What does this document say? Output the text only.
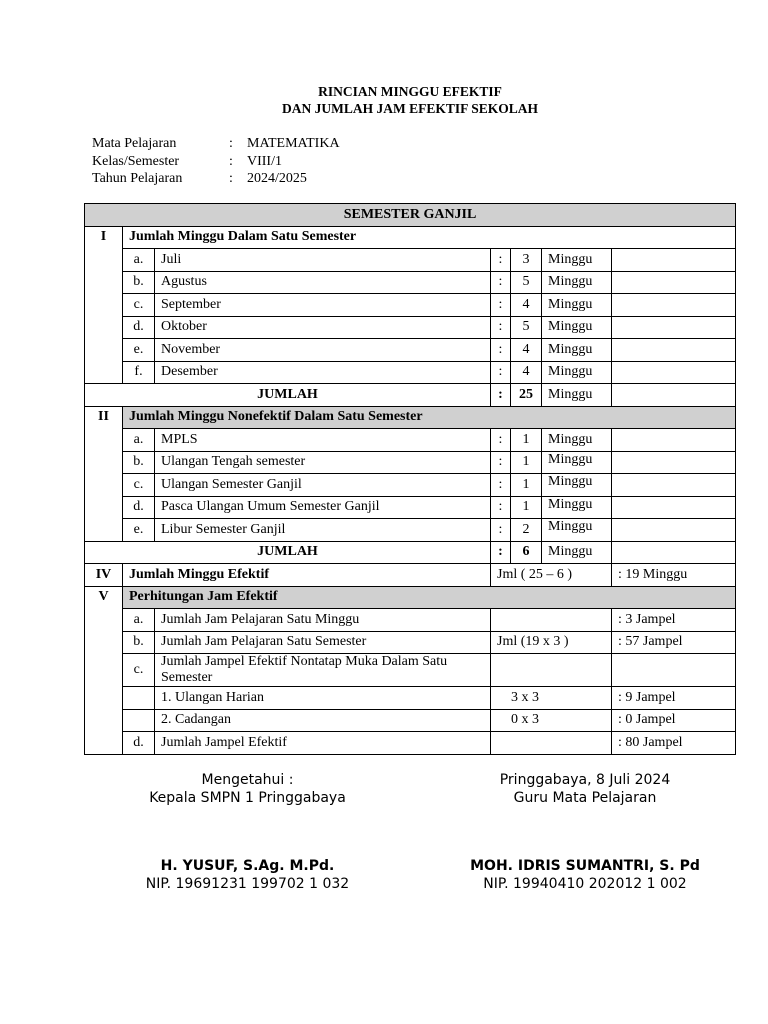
RINCIAN MINGGU EFEKTIF
DAN JUMLAH JAM EFEKTIF SEKOLAH
Mata Pelajaran	:	MATEMATIKA
Kelas/Semester	:	VIII/1
Tahun Pelajaran	:	2024/2025
SEMESTER GANJIL						
I	Jumlah Minggu Dalam Satu Semester					
	a.	Juli	:	3	Minggu	
	b.	Agustus	:	5	Minggu	
	c.	September	:	4	Minggu	
	d.	Oktober	:	5	Minggu	
	e.	November	:	4	Minggu	
	f.	Desember	:	4	Minggu	
JUMLAH			:	25	Minggu	
II	Jumlah Minggu Nonefektif Dalam Satu Semester					
	a.	MPLS	:	1	Minggu	
	b.	Ulangan Tengah semester	:	1	Minggu	
	c.	Ulangan Semester Ganjil	:	1	Minggu	
	d.	Pasca Ulangan Umum Semester Ganjil	:	1	Minggu	
	e.	Libur Semester Ganjil	:	2	Minggu	
JUMLAH			:	6	Minggu	
IV	Jumlah Minggu Efektif		Jml ( 25 – 6 )			: 19 Minggu
V	Perhitungan Jam Efektif					
	a.	Jumlah Jam Pelajaran Satu Minggu				: 3 Jampel
	b.	Jumlah Jam Pelajaran Satu Semester	Jml (19 x 3 )			: 57 Jampel
	c.	Jumlah Jampel Efektif Nontatap Muka Dalam Satu Semester				
		1. Ulangan Harian	3 x 3			: 9 Jampel
		2. Cadangan	0 x 3			: 0 Jampel
	d.	Jumlah Jampel Efektif				: 80 Jampel
Mengetahui :
Kepala SMPN 1 Pringgabaya
H. YUSUF, S.Ag. M.Pd.
NIP. 19691231 199702 1 032
Pringgabaya, 8 Juli 2024
Guru Mata Pelajaran
MOH. IDRIS SUMANTRI, S. Pd
NIP. 19940410 202012 1 002
